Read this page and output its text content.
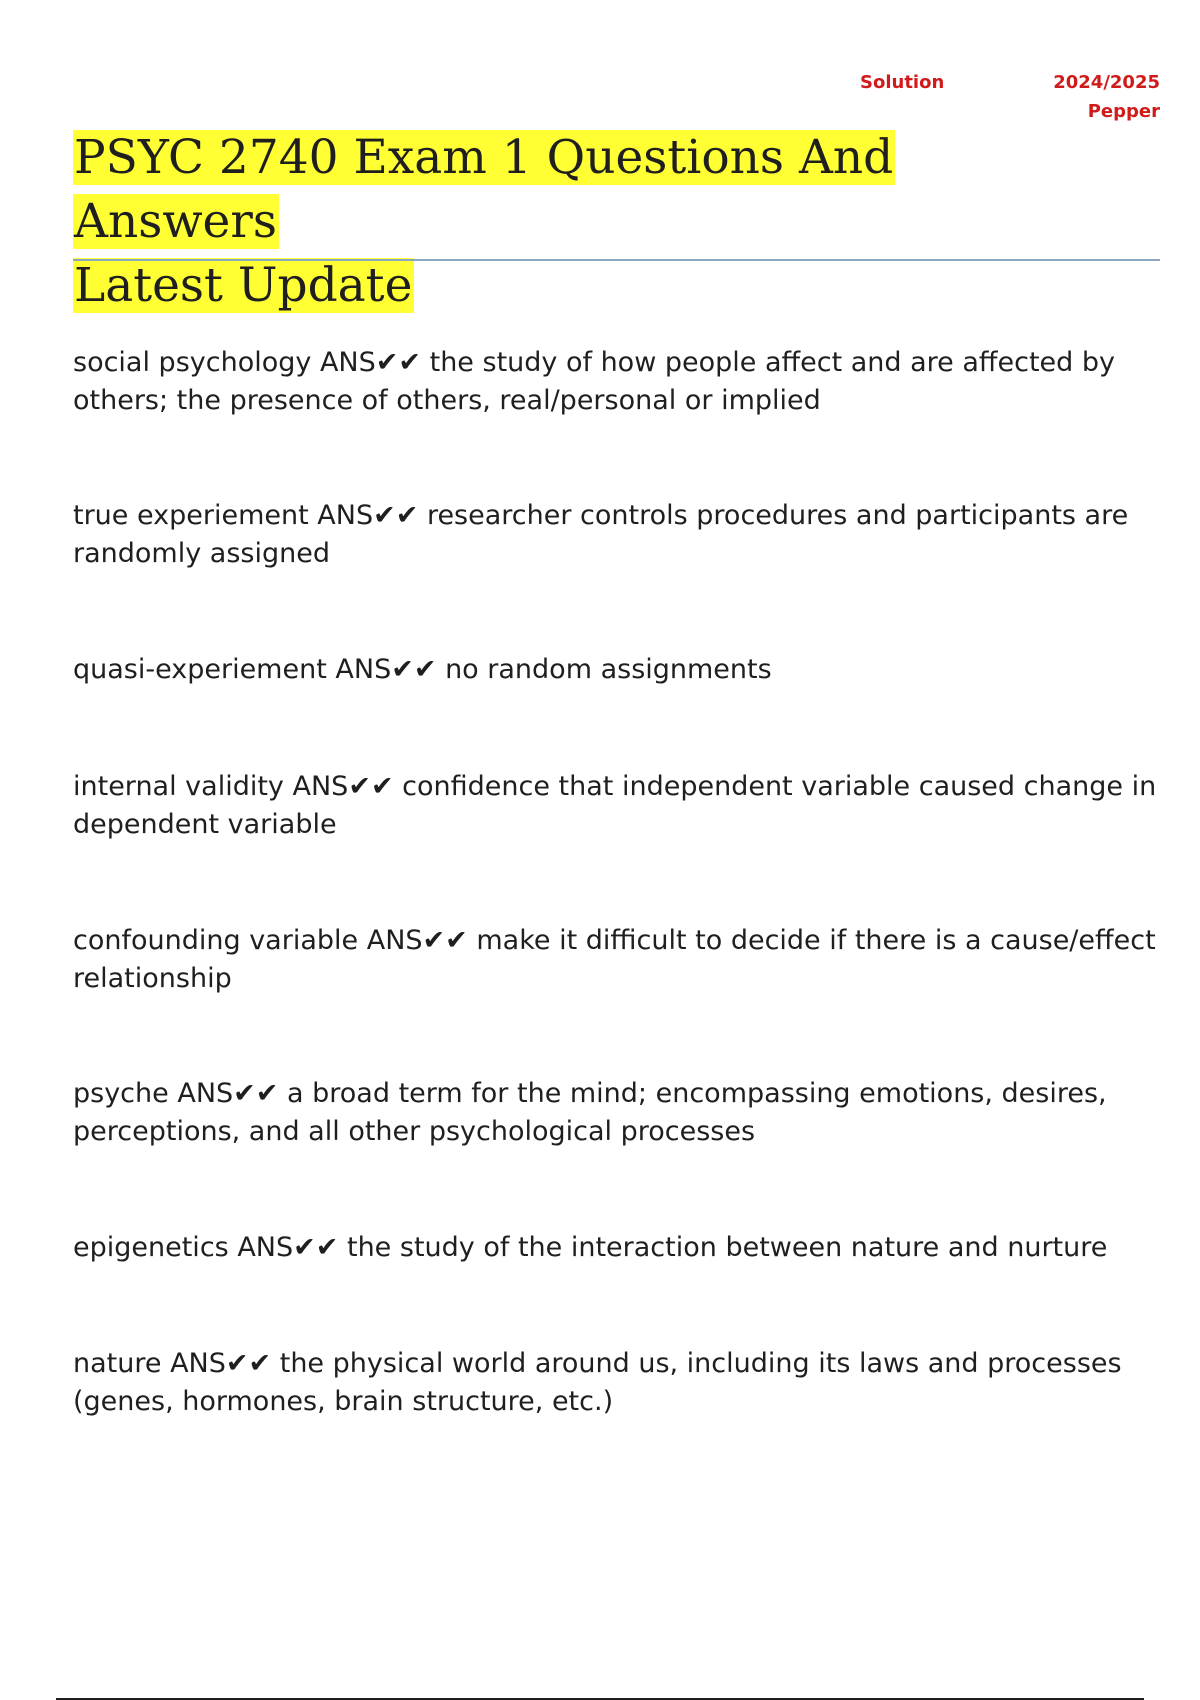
Solution	2024/2025
Pepper
PSYC 2740 Exam 1 Questions And Answers
Latest Update

social psychology ANS✔✔ the study of how people affect and are affected by others; the presence of others, real/personal or implied

true experiement ANS✔✔ researcher controls procedures and participants are randomly assigned

quasi-experiement ANS✔✔ no random assignments

internal validity ANS✔✔ confidence that independent variable caused change in dependent variable

confounding variable ANS✔✔ make it difficult to decide if there is a cause/effect relationship

psyche ANS✔✔ a broad term for the mind; encompassing emotions, desires, perceptions, and all other psychological processes

epigenetics ANS✔✔ the study of the interaction between nature and nurture

nature ANS✔✔ the physical world around us, including its laws and processes (genes, hormones, brain structure, etc.)
